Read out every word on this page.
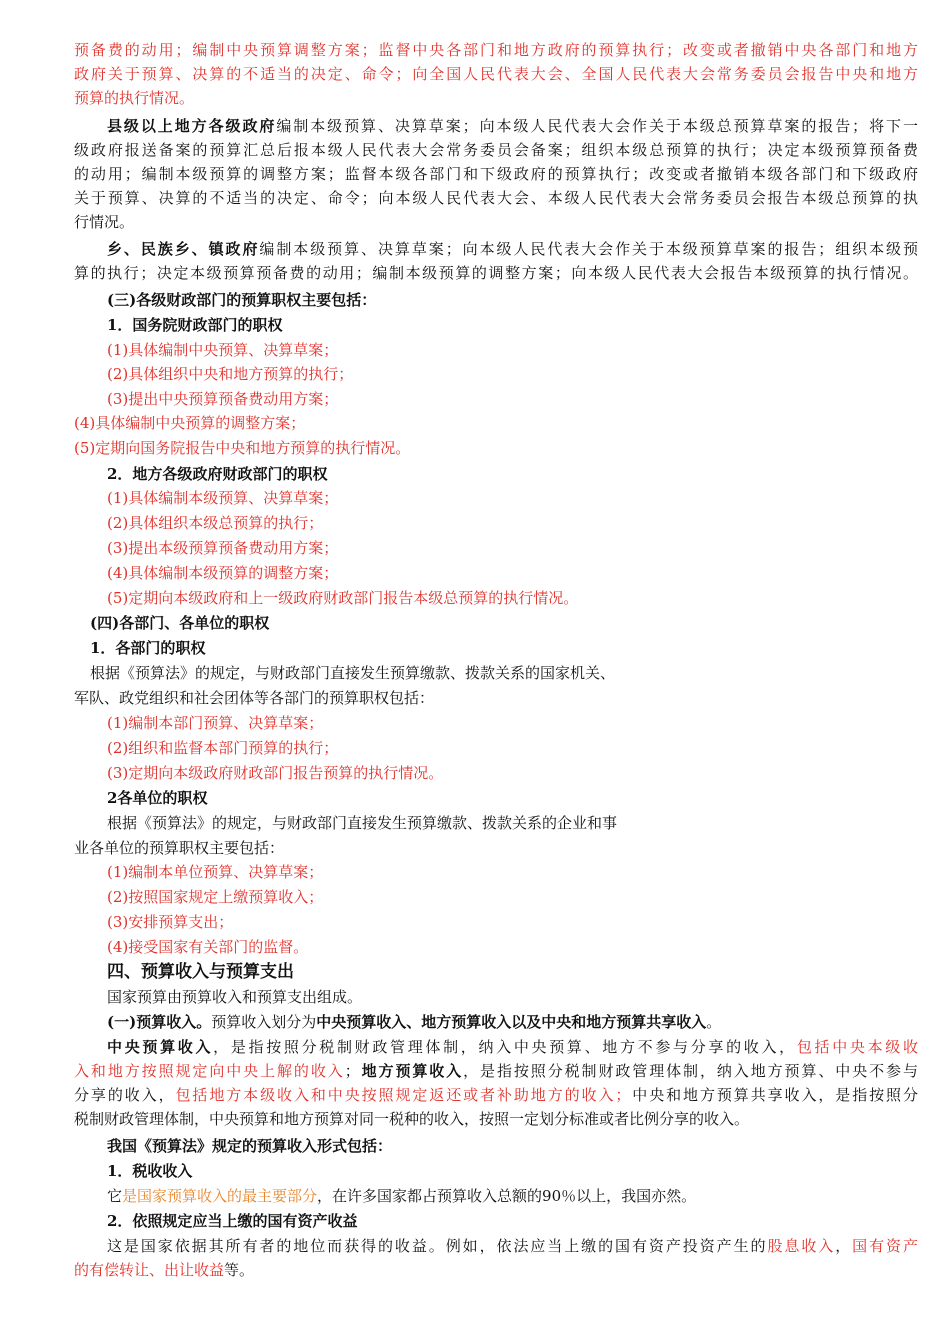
预备费的动用；编制中央预算调整方案；监督中央各部门和地方政府的预算执行；改变或者撤销中央各部门和地方
政府关于预算、决算的不适当的决定、命令；向全国人民代表大会、全国人民代表大会常务委员会报告中央和地方
预算的执行情况。
县级以上地方各级政府编制本级预算、决算草案；向本级人民代表大会作关于本级总预算草案的报告；将下一
级政府报送备案的预算汇总后报本级人民代表大会常务委员会备案；组织本级总预算的执行；决定本级预算预备费
的动用；编制本级预算的调整方案；监督本级各部门和下级政府的预算执行；改变或者撤销本级各部门和下级政府
关于预算、决算的不适当的决定、命令；向本级人民代表大会、本级人民代表大会常务委员会报告本级总预算的执
行情况。
乡、民族乡、镇政府编制本级预算、决算草案；向本级人民代表大会作关于本级预算草案的报告；组织本级预
算的执行；决定本级预算预备费的动用；编制本级预算的调整方案；向本级人民代表大会报告本级预算的执行情况。
(三)各级财政部门的预算职权主要包括：
1．国务院财政部门的职权
(1)具体编制中央预算、决算草案；
(2)具体组织中央和地方预算的执行；
(3)提出中央预算预备费动用方案；
(4)具体编制中央预算的调整方案；
(5)定期向国务院报告中央和地方预算的执行情况。
2．地方各级政府财政部门的职权
(1)具体编制本级预算、决算草案；
(2)具体组织本级总预算的执行；
(3)提出本级预算预备费动用方案；
(4)具体编制本级预算的调整方案；
(5)定期向本级政府和上一级政府财政部门报告本级总预算的执行情况。
(四)各部门、各单位的职权
1．各部门的职权
根据《预算法》的规定，与财政部门直接发生预算缴款、拨款关系的国家机关、
军队、政党组织和社会团体等各部门的预算职权包括：
(1)编制本部门预算、决算草案；
(2)组织和监督本部门预算的执行；
(3)定期向本级政府财政部门报告预算的执行情况。
2各单位的职权
根据《预算法》的规定，与财政部门直接发生预算缴款、拨款关系的企业和事
业各单位的预算职权主要包括：
(1)编制本单位预算、决算草案；
(2)按照国家规定上缴预算收入；
(3)安排预算支出；
(4)接受国家有关部门的监督。
四、预算收入与预算支出
国家预算由预算收入和预算支出组成。
(一)预算收入。预算收入划分为中央预算收入、地方预算收入以及中央和地方预算共享收入。
中央预算收入，是指按照分税制财政管理体制，纳入中央预算、地方不参与分享的收入，包括中央本级收
入和地方按照规定向中央上解的收入；地方预算收入，是指按照分税制财政管理体制，纳入地方预算、中央不参与
分享的收入，包括地方本级收入和中央按照规定返还或者补助地方的收入；中央和地方预算共享收入，是指按照分
税制财政管理体制，中央预算和地方预算对同一税种的收入，按照一定划分标准或者比例分享的收入。
我国《预算法》规定的预算收入形式包括：
1．税收收入
它是国家预算收入的最主要部分，在许多国家都占预算收入总额的90％以上，我国亦然。
2．依照规定应当上缴的国有资产收益
这是国家依据其所有者的地位而获得的收益。例如，依法应当上缴的国有资产投资产生的股息收入，国有资产
的有偿转让、出让收益等。
